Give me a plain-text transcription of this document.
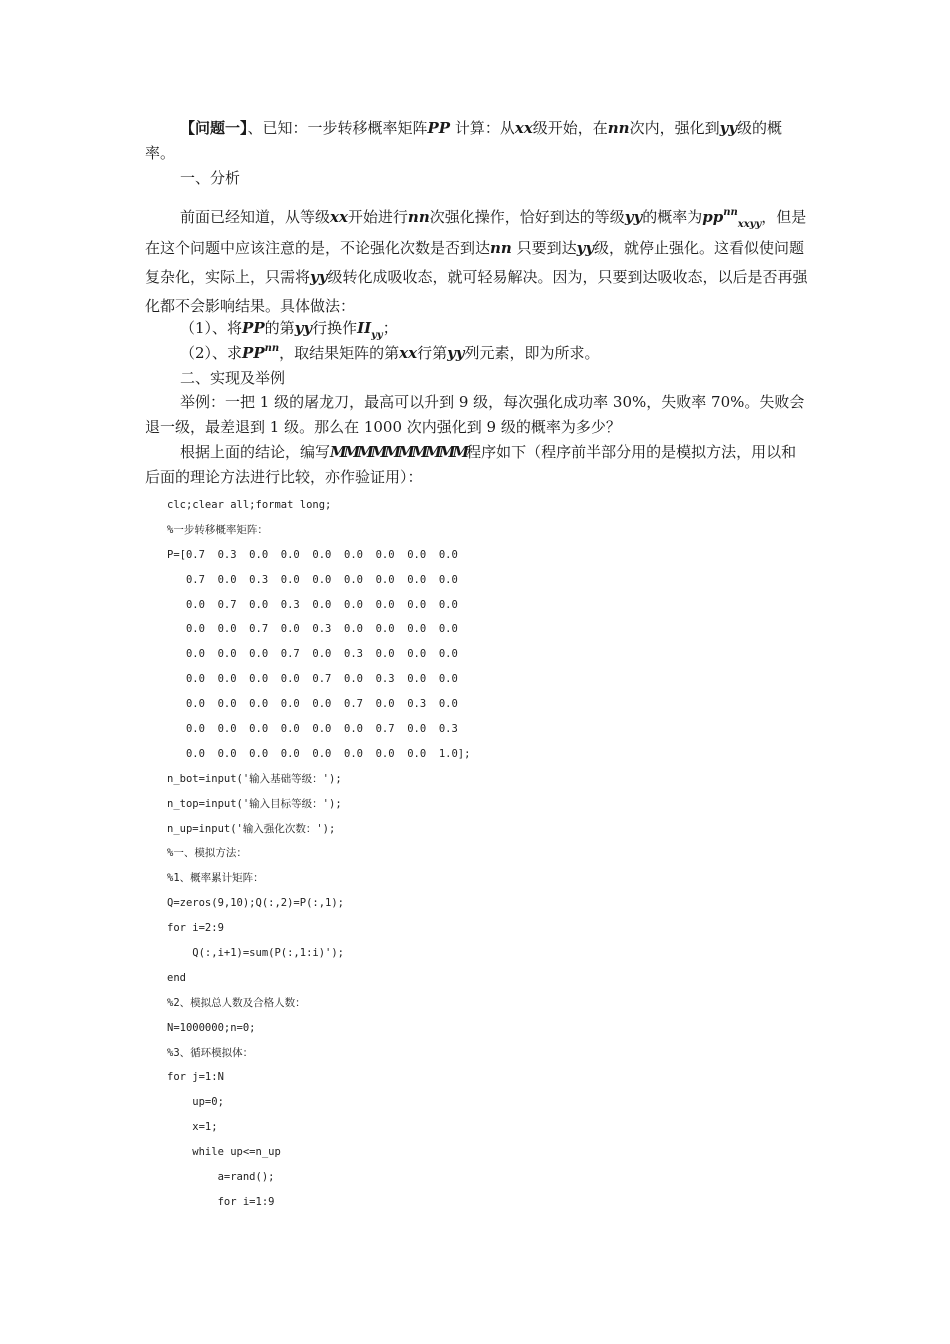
【问题一】、已知：一步转移概率矩阵PP 计算：从xx级开始，在nn次内，强化到yy级的概率。
一、分析
前面已经知道，从等级xx开始进行nn次强化操作，恰好到达的等级yy的概率为$pp^{nn}_{xxyy}$，但是在这个问题中应该注意的是，不论强化次数是否到达nn 只要到达yy级，就停止强化。这看似使问题复杂化，实际上，只需将yy级转化成吸收态，就可轻易解决。因为，只要到达吸收态，以后是否再强化都不会影响结果。具体做法：
（1）、将PP的第yy行换作$II_{yy}$；
（2）、求$PP^{nn}$，取结果矩阵的第xx行第yy列元素，即为所求。
二、实现及举例
举例：一把 1 级的屠龙刀，最高可以升到 9 级，每次强化成功率 30%，失败率 70%。失败会退一级，最差退到 1 级。那么在 1000 次内强化到 9 级的概率为多少？
根据上面的结论，编写MMMMMMMMMM程序如下（程序前半部分用的是模拟方法，用以和后面的理论方法进行比较，亦作验证用）：
clc;clear all;format long;
%一步转移概率矩阵：
P=[0.7  0.3  0.0  0.0  0.0  0.0  0.0  0.0  0.0
0.7  0.0  0.3  0.0  0.0  0.0  0.0  0.0  0.0
0.0  0.7  0.0  0.3  0.0  0.0  0.0  0.0  0.0
0.0  0.0  0.7  0.0  0.3  0.0  0.0  0.0  0.0
0.0  0.0  0.0  0.7  0.0  0.3  0.0  0.0  0.0
0.0  0.0  0.0  0.0  0.7  0.0  0.3  0.0  0.0
0.0  0.0  0.0  0.0  0.0  0.7  0.0  0.3  0.0
0.0  0.0  0.0  0.0  0.0  0.0  0.7  0.0  0.3
0.0  0.0  0.0  0.0  0.0  0.0  0.0  0.0  1.0];
n_bot=input('输入基础等级：');
n_top=input('输入目标等级：');
n_up=input('输入强化次数：');
%一、模拟方法：
%1、概率累计矩阵：
Q=zeros(9,10);Q(:,2)=P(:,1);
for i=2:9
Q(:,i+1)=sum(P(:,1:i)');
end
%2、模拟总人数及合格人数：
N=1000000;n=0;
%3、循环模拟体：
for j=1:N
up=0;
x=1;
while up<=n_up
a=rand();
for i=1:9
